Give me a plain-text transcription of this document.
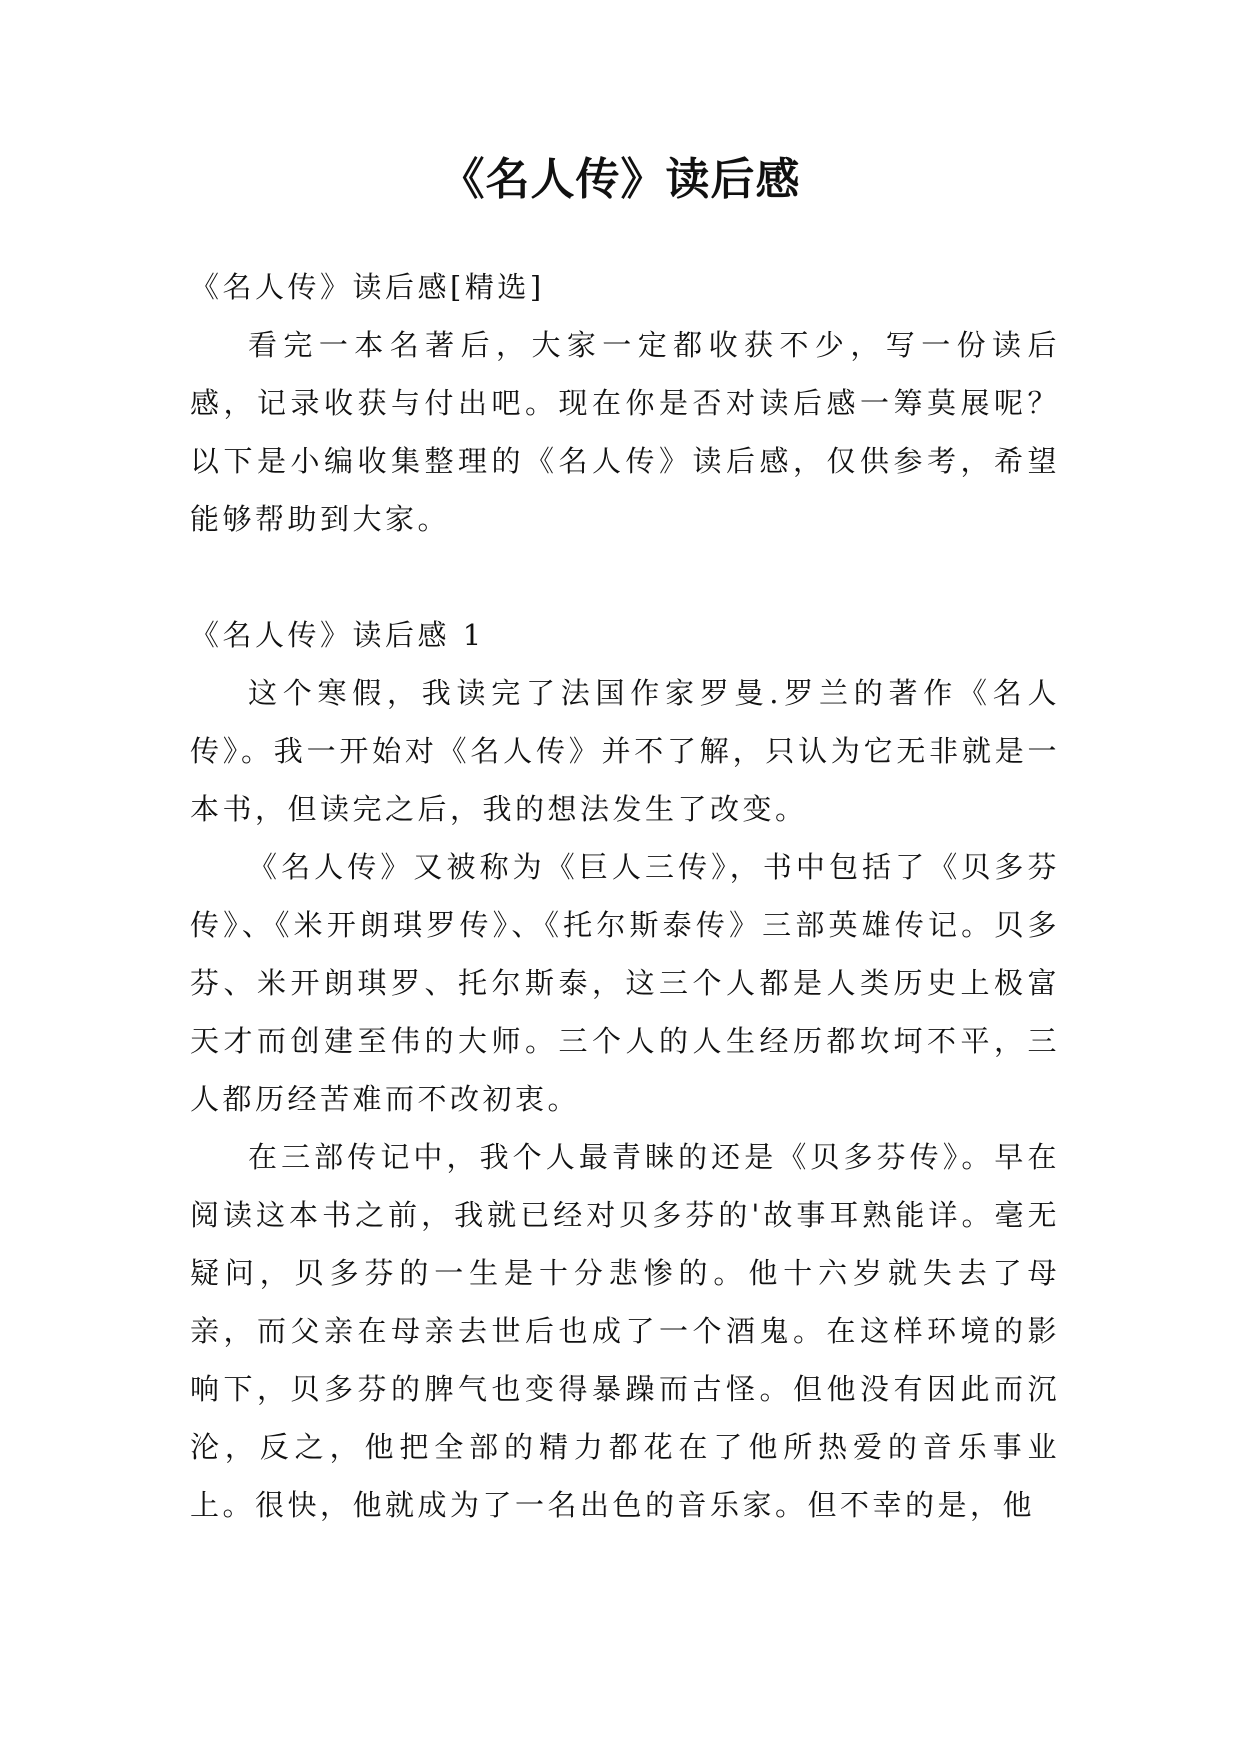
《名人传》读后感

《名人传》读后感[精选]

看完一本名著后，大家一定都收获不少，写一份读后感，记录收获与付出吧。现在你是否对读后感一筹莫展呢？以下是小编收集整理的《名人传》读后感，仅供参考，希望能够帮助到大家。

《名人传》读后感 1

这个寒假，我读完了法国作家罗曼.罗兰的著作《名人传》。我一开始对《名人传》并不了解，只认为它无非就是一本书，但读完之后，我的想法发生了改变。

《名人传》又被称为《巨人三传》，书中包括了《贝多芬传》、《米开朗琪罗传》、《托尔斯泰传》三部英雄传记。贝多芬、米开朗琪罗、托尔斯泰，这三个人都是人类历史上极富天才而创建至伟的大师。三个人的人生经历都坎坷不平，三人都历经苦难而不改初衷。

在三部传记中，我个人最青睐的还是《贝多芬传》。早在阅读这本书之前，我就已经对贝多芬的'故事耳熟能详。毫无疑问，贝多芬的一生是十分悲惨的。他十六岁就失去了母亲，而父亲在母亲去世后也成了一个酒鬼。在这样环境的影响下，贝多芬的脾气也变得暴躁而古怪。但他没有因此而沉沦，反之，他把全部的精力都花在了他所热爱的音乐事业上。很快，他就成为了一名出色的音乐家。但不幸的是，他
